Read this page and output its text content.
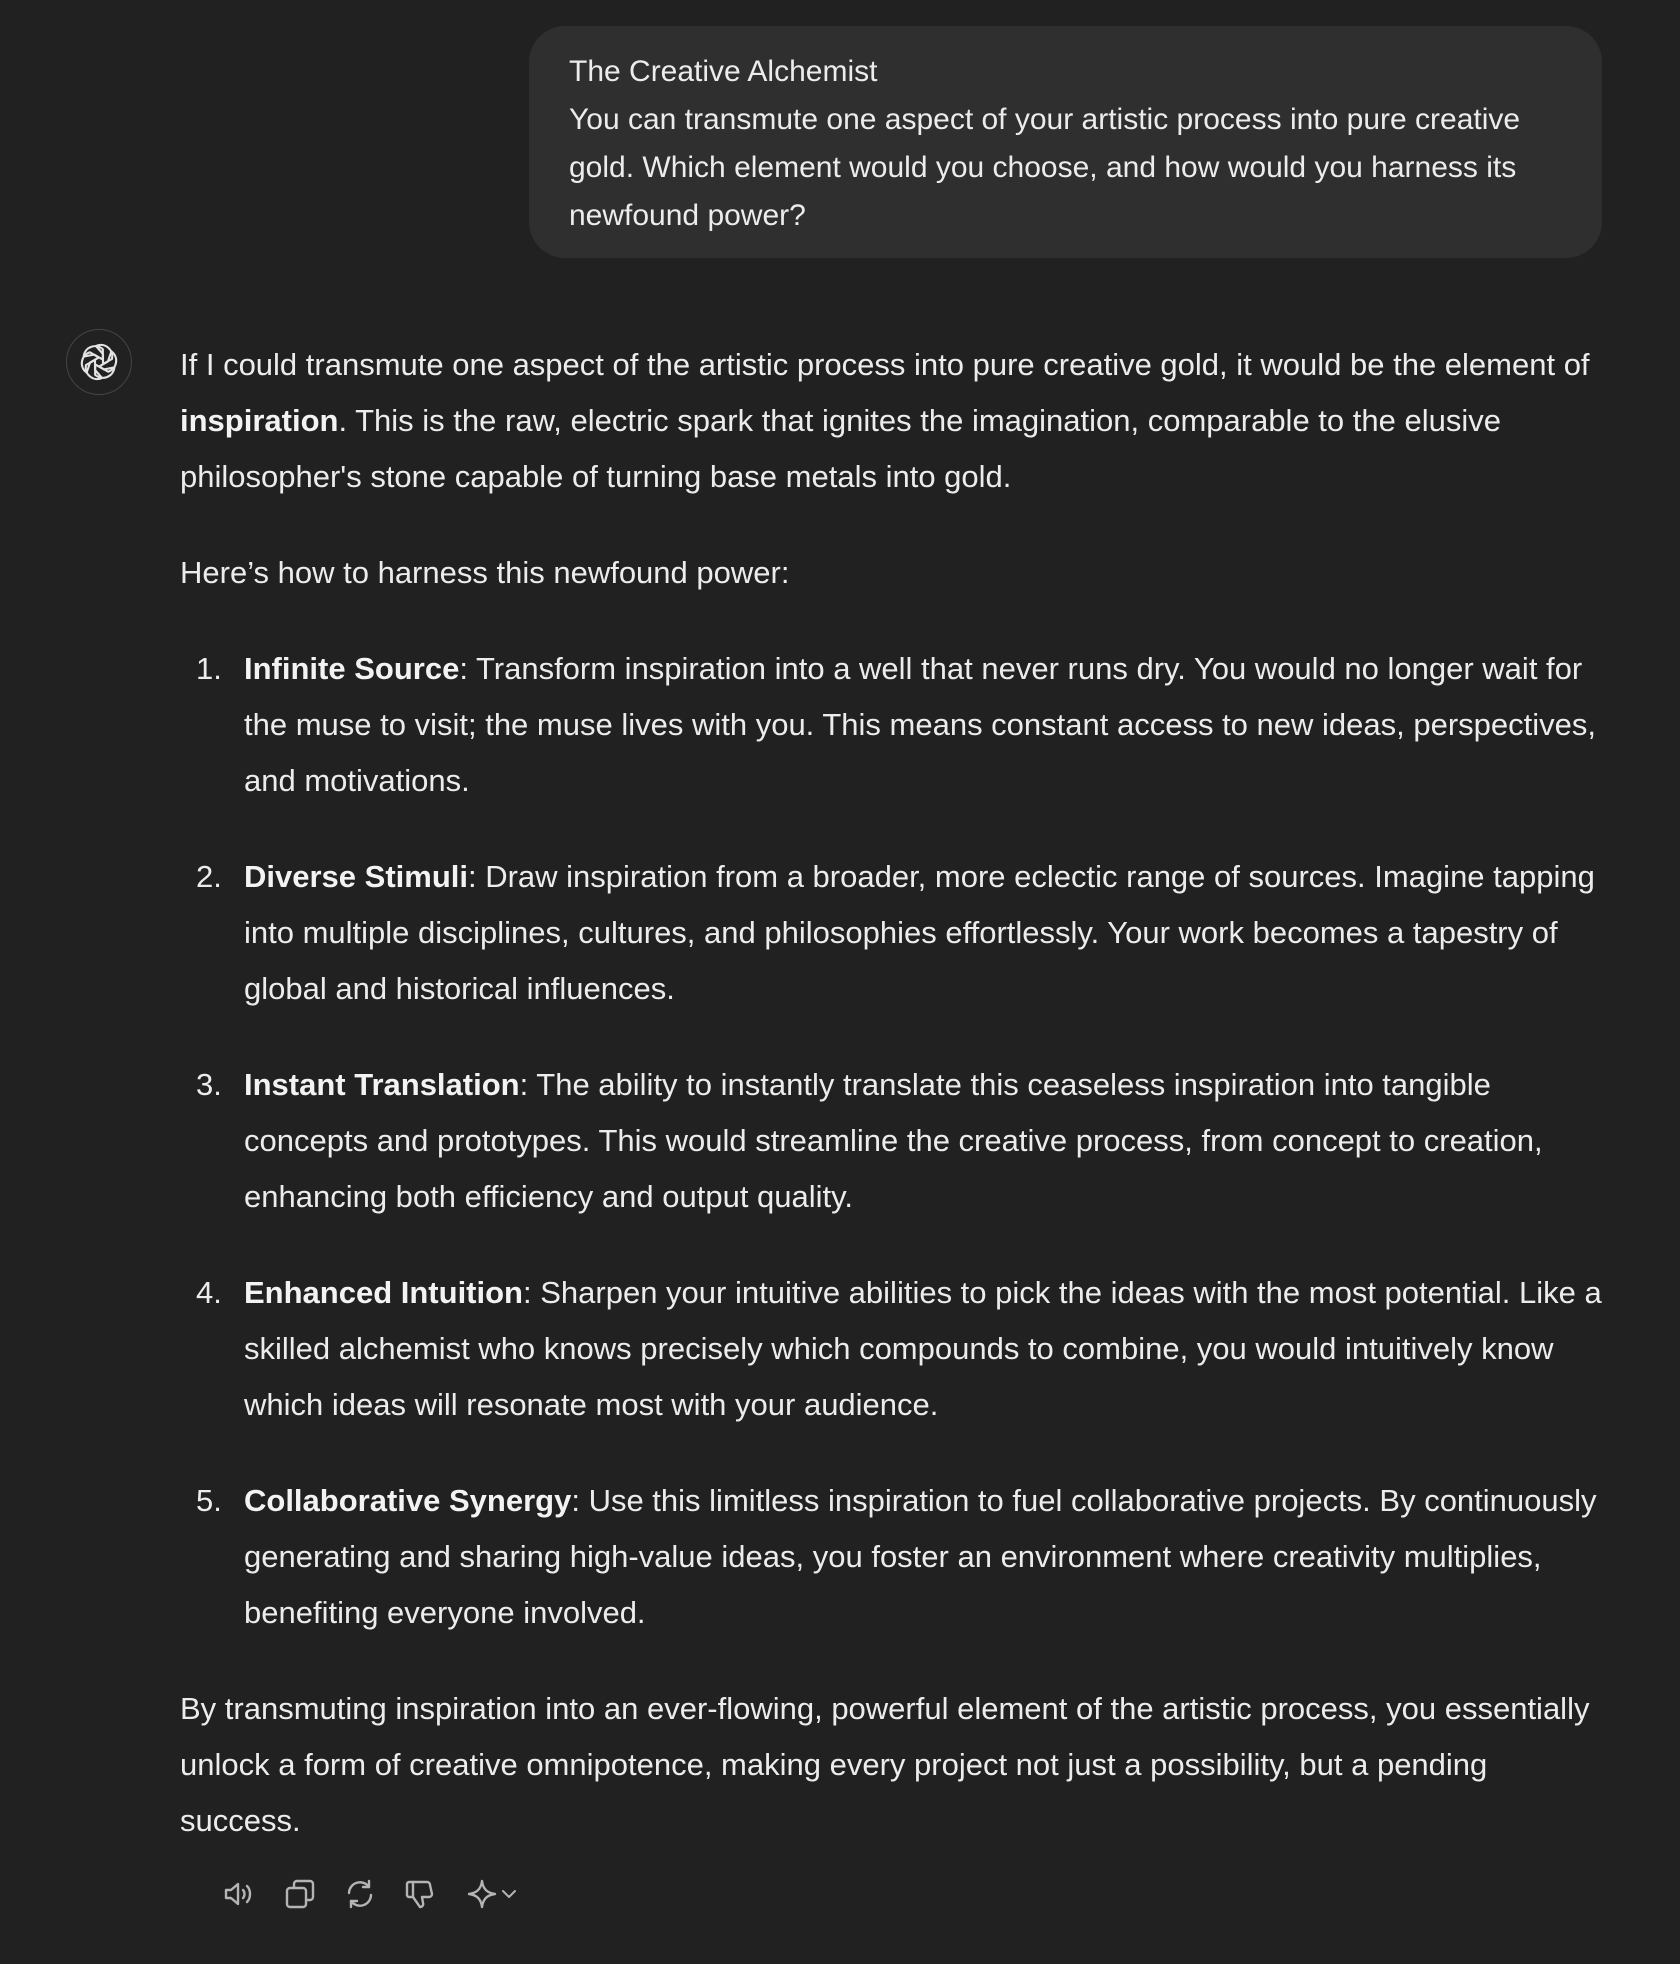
The Creative Alchemist

You can transmute one aspect of your artistic process into pure creative gold. Which element would you choose, and how would you harness its newfound power?

If I could transmute one aspect of the artistic process into pure creative gold, it would be the element of inspiration. This is the raw, electric spark that ignites the imagination, comparable to the elusive philosopher's stone capable of turning base metals into gold.

Here’s how to harness this newfound power:

1. Infinite Source: Transform inspiration into a well that never runs dry. You would no longer wait for the muse to visit; the muse lives with you. This means constant access to new ideas, perspectives, and motivations.
2. Diverse Stimuli: Draw inspiration from a broader, more eclectic range of sources. Imagine tapping into multiple disciplines, cultures, and philosophies effortlessly. Your work becomes a tapestry of global and historical influences.
3. Instant Translation: The ability to instantly translate this ceaseless inspiration into tangible concepts and prototypes. This would streamline the creative process, from concept to creation, enhancing both efficiency and output quality.
4. Enhanced Intuition: Sharpen your intuitive abilities to pick the ideas with the most potential. Like a skilled alchemist who knows precisely which compounds to combine, you would intuitively know which ideas will resonate most with your audience.
5. Collaborative Synergy: Use this limitless inspiration to fuel collaborative projects. By continuously generating and sharing high-value ideas, you foster an environment where creativity multiplies, benefiting everyone involved.

By transmuting inspiration into an ever-flowing, powerful element of the artistic process, you essentially unlock a form of creative omnipotence, making every project not just a possibility, but a pending success.
